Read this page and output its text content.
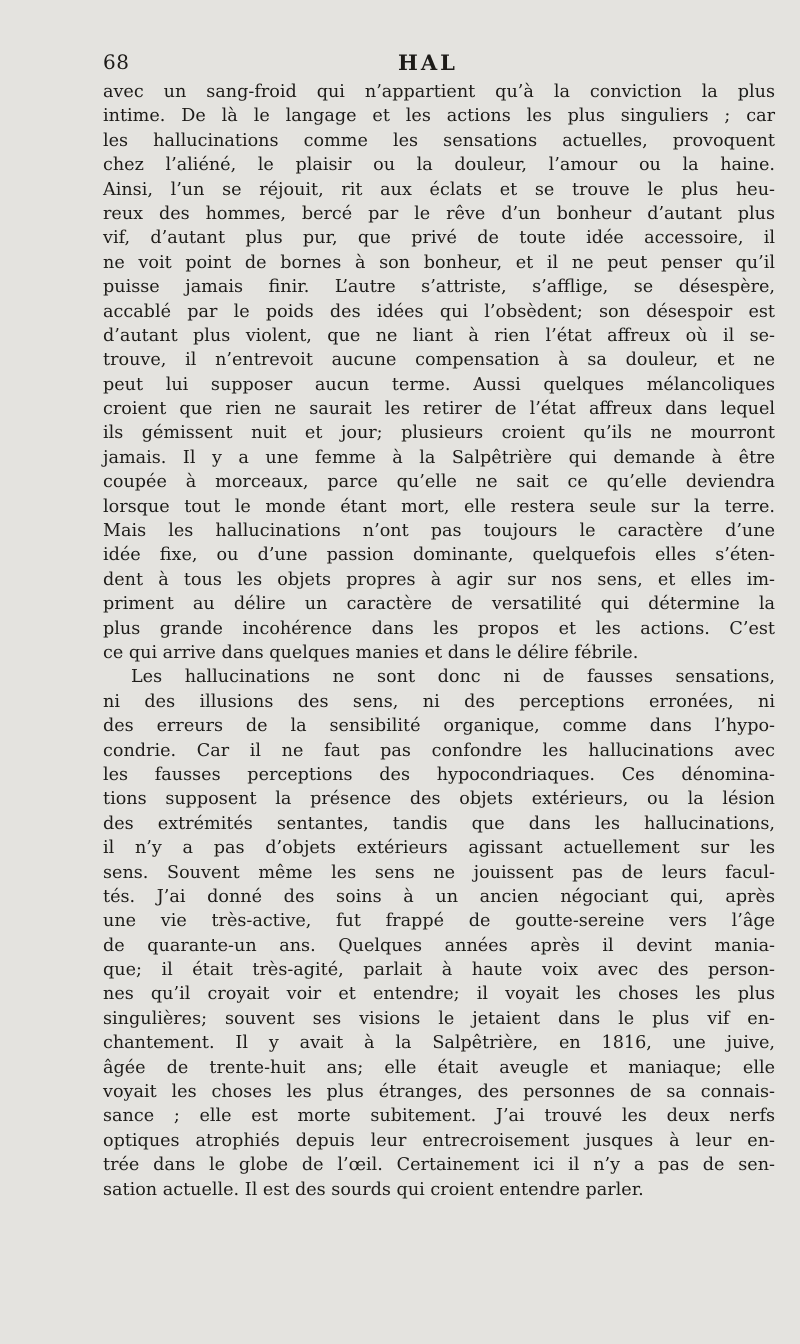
68	HAL
avec un sang-froid qui n’appartient qu’à la conviction la plus
intime. De là le langage et les actions les plus singuliers ; car
les hallucinations comme les sensations actuelles, provoquent
chez l’aliéné, le plaisir ou la douleur, l’amour ou la haine.
Ainsi, l’un se réjouit, rit aux éclats et se trouve le plus heu-
reux des hommes, bercé par le rêve d’un bonheur d’autant plus
vif, d’autant plus pur, que privé de toute idée accessoire, il
ne voit point de bornes à son bonheur, et il ne peut penser qu’il
puisse jamais finir. L’autre s’attriste, s’afflige, se désespère,
accablé par le poids des idées qui l’obsèdent; son désespoir est
d’autant plus violent, que ne liant à rien l’état affreux où il se-
trouve, il n’entrevoit aucune compensation à sa douleur, et ne
peut lui supposer aucun terme. Aussi quelques mélancoliques
croient que rien ne saurait les retirer de l’état affreux dans lequel
ils gémissent nuit et jour; plusieurs croient qu’ils ne mourront
jamais. Il y a une femme à la Salpêtrière qui demande à être
coupée à morceaux, parce qu’elle ne sait ce qu’elle deviendra
lorsque tout le monde étant mort, elle restera seule sur la terre.
Mais les hallucinations n’ont pas toujours le caractère d’une
idée fixe, ou d’une passion dominante, quelquefois elles s’éten-
dent à tous les objets propres à agir sur nos sens, et elles im-
priment au délire un caractère de versatilité qui détermine la
plus grande incohérence dans les propos et les actions. C’est
ce qui arrive dans quelques manies et dans le délire fébrile.
Les hallucinations ne sont donc ni de fausses sensations,
ni des illusions des sens, ni des perceptions erronées, ni
des erreurs de la sensibilité organique, comme dans l’hypo-
condrie. Car il ne faut pas confondre les hallucinations avec
les fausses perceptions des hypocondriaques. Ces dénomina-
tions supposent la présence des objets extérieurs, ou la lésion
des extrémités sentantes, tandis que dans les hallucinations,
il n’y a pas d’objets extérieurs agissant actuellement sur les
sens. Souvent même les sens ne jouissent pas de leurs facul-
tés. J’ai donné des soins à un ancien négociant qui, après
une vie très-active, fut frappé de goutte-sereine vers l’âge
de quarante-un ans. Quelques années après il devint mania-
que; il était très-agité, parlait à haute voix avec des person-
nes qu’il croyait voir et entendre; il voyait les choses les plus
singulières; souvent ses visions le jetaient dans le plus vif en-
chantement. Il y avait à la Salpêtrière, en 1816, une juive,
âgée de trente-huit ans; elle était aveugle et maniaque; elle
voyait les choses les plus étranges, des personnes de sa connais-
sance ; elle est morte subitement. J’ai trouvé les deux nerfs
optiques atrophiés depuis leur entrecroisement jusques à leur en-
trée dans le globe de l’œil. Certainement ici il n’y a pas de sen-
sation actuelle. Il est des sourds qui croient entendre parler.
